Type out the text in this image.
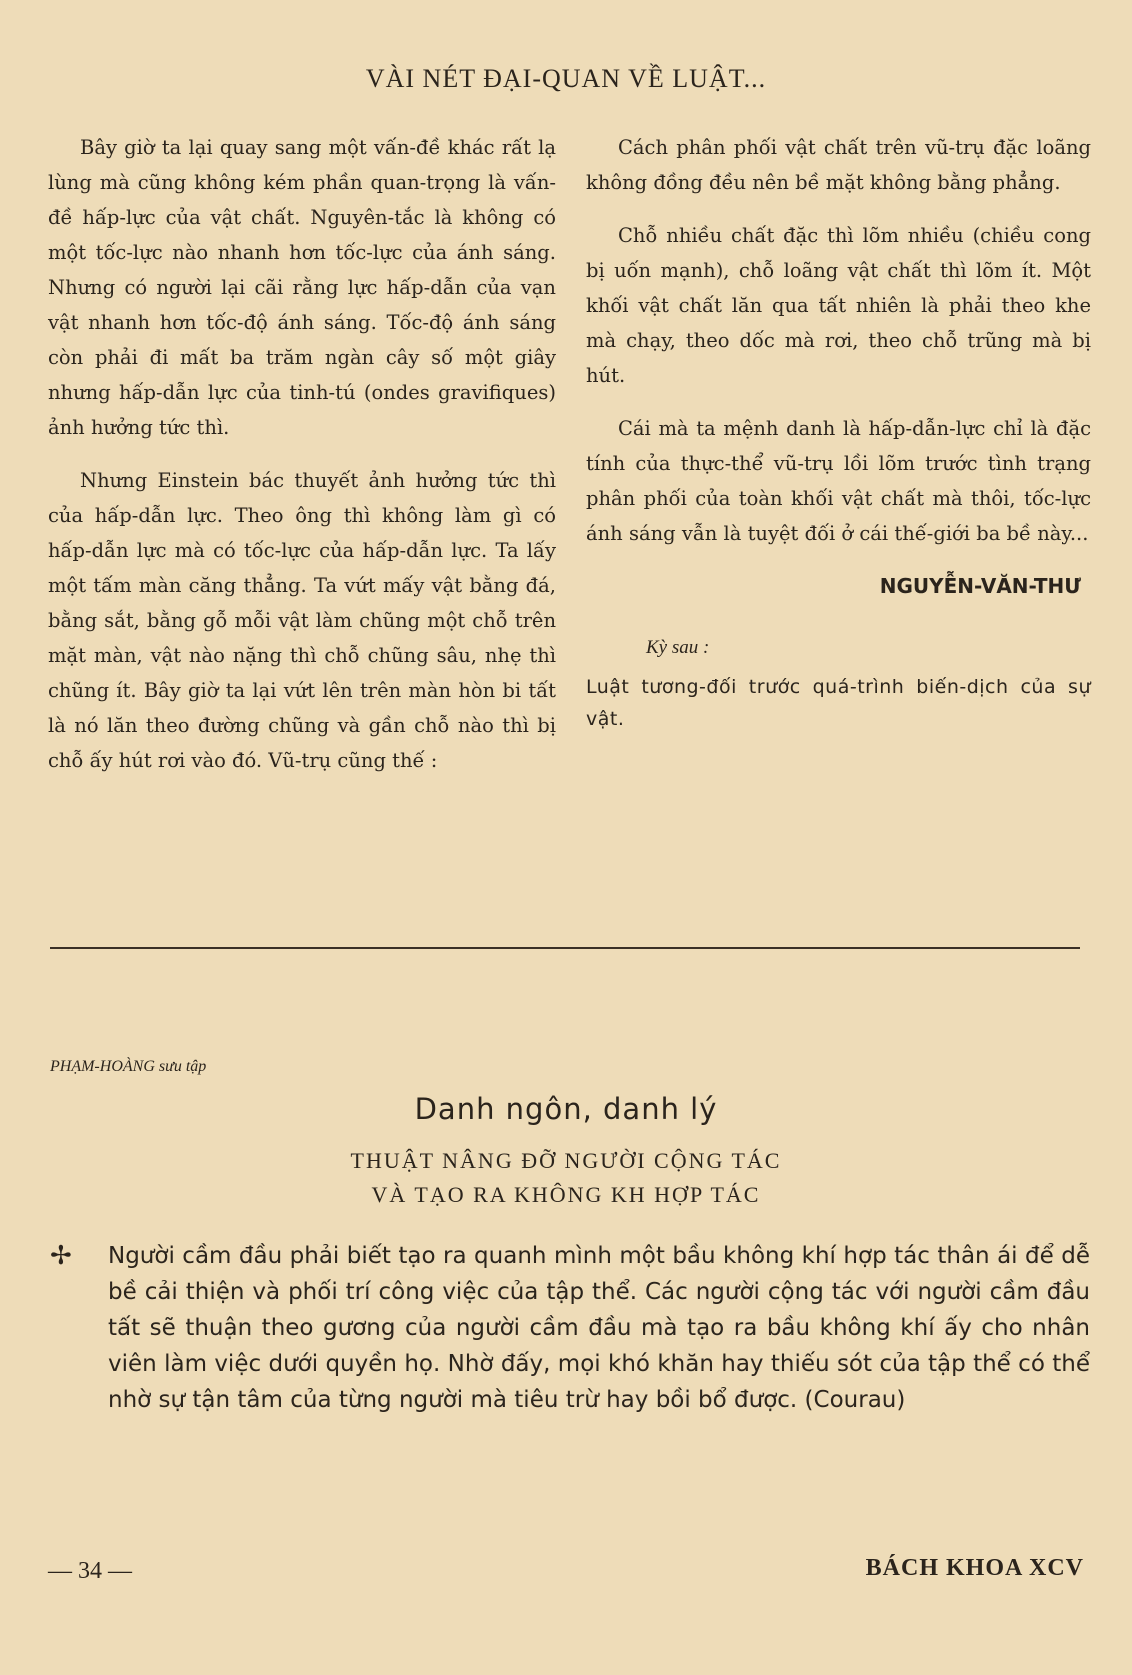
VÀI NÉT ĐẠI-QUAN VỀ LUẬT...

Bây giờ ta lại quay sang một vấn-đề khác rất lạ lùng mà cũng không kém phần quan-trọng là vấn-đề hấp-lực của vật chất. Nguyên-tắc là không có một tốc-lực nào nhanh hơn tốc-lực của ánh sáng. Nhưng có người lại cãi rằng lực hấp-dẫn của vạn vật nhanh hơn tốc-độ ánh sáng. Tốc-độ ánh sáng còn phải đi mất ba trăm ngàn cây số một giây nhưng hấp-dẫn lực của tinh-tú (ondes gravifiques) ảnh hưởng tức thì.

Nhưng Einstein bác thuyết ảnh hưởng tức thì của hấp-dẫn lực. Theo ông thì không làm gì có hấp-dẫn lực mà có tốc-lực của hấp-dẫn lực. Ta lấy một tấm màn căng thẳng. Ta vứt mấy vật bằng đá, bằng sắt, bằng gỗ mỗi vật làm chũng một chỗ trên mặt màn, vật nào nặng thì chỗ chũng sâu, nhẹ thì chũng ít. Bây giờ ta lại vứt lên trên màn hòn bi tất là nó lăn theo đường chũng và gần chỗ nào thì bị chỗ ấy hút rơi vào đó. Vũ-trụ cũng thế :

Cách phân phối vật chất trên vũ-trụ đặc loãng không đồng đều nên bề mặt không bằng phẳng.

Chỗ nhiều chất đặc thì lõm nhiều (chiều cong bị uốn mạnh), chỗ loãng vật chất thì lõm ít. Một khối vật chất lăn qua tất nhiên là phải theo khe mà chạy, theo dốc mà rơi, theo chỗ trũng mà bị hút.

Cái mà ta mệnh danh là hấp-dẫn-lực chỉ là đặc tính của thực-thể vũ-trụ lồi lõm trước tình trạng phân phối của toàn khối vật chất mà thôi, tốc-lực ánh sáng vẫn là tuyệt đối ở cái thế-giới ba bề này...

NGUYỄN-VĂN-THƯ
Kỳ sau :
Luật tương-đối trước quá-trình biến-dịch của sự vật.
PHẠM-HOÀNG sưu tập
Danh ngôn, danh lý
THUẬT NÂNG ĐỠ NGƯỜI CỘNG TÁC
VÀ TẠO RA KHÔNG KH HỢP TÁC
✢ Người cầm đầu phải biết tạo ra quanh mình một bầu không khí hợp tác thân ái để dễ bề cải thiện và phối trí công việc của tập thể. Các người cộng tác với người cầm đầu tất sẽ thuận theo gương của người cầm đầu mà tạo ra bầu không khí ấy cho nhân viên làm việc dưới quyền họ. Nhờ đấy, mọi khó khăn hay thiếu sót của tập thể có thể nhờ sự tận tâm của từng người mà tiêu trừ hay bồi bổ được. (Courau)
— 34 —	BÁCH KHOA XCV
